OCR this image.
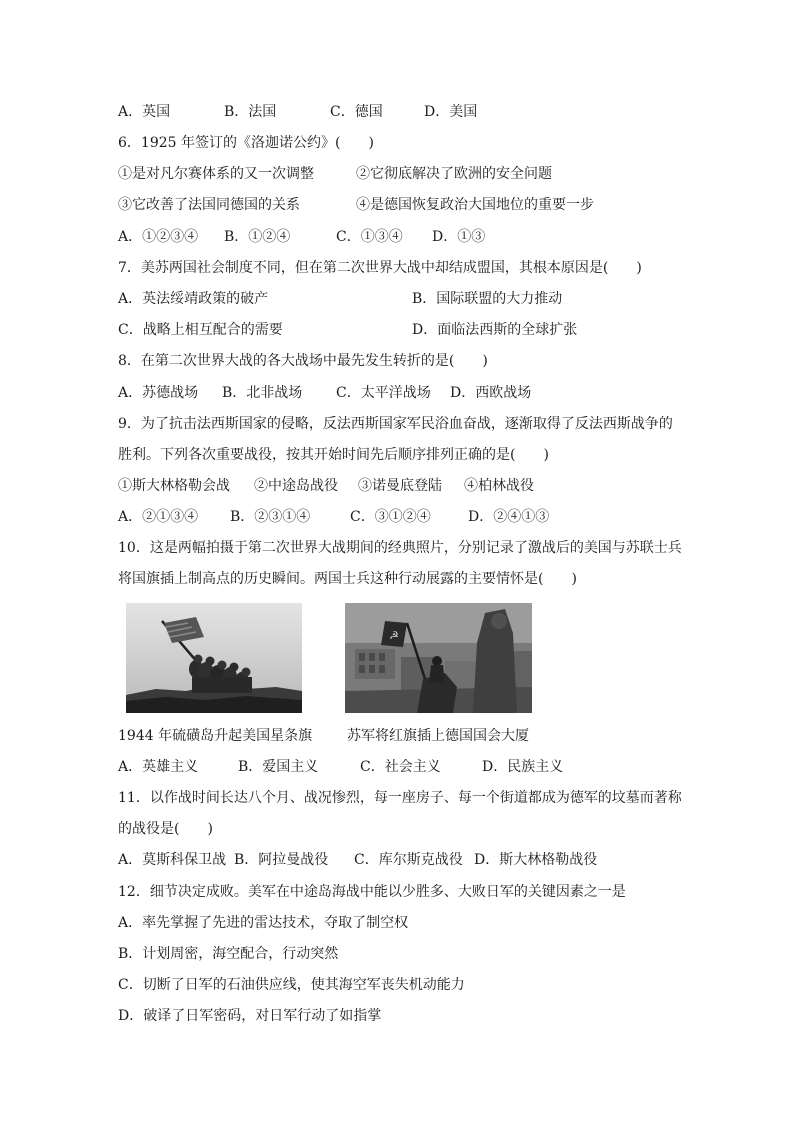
A．英国	B．法国	C．德国	D．美国
6．1925 年签订的《洛迦诺公约》(　　)
①是对凡尔赛体系的又一次调整	②它彻底解决了欧洲的安全问题
③它改善了法国同德国的关系	④是德国恢复政治大国地位的重要一步
A．①②③④ B．①②④	C．①③④ D．①③
7．美苏两国社会制度不同，但在第二次世界大战中却结成盟国，其根本原因是(　　)
A．英法绥靖政策的破产	B．国际联盟的大力推动
C．战略上相互配合的需要	D．面临法西斯的全球扩张
8．在第二次世界大战的各大战场中最先发生转折的是(　　)
A．苏德战场 B．北非战场 C．太平洋战场 D．西欧战场
9．为了抗击法西斯国家的侵略，反法西斯国家军民浴血奋战，逐渐取得了反法西斯战争的
胜利。下列各次重要战役，按其开始时间先后顺序排列正确的是(　　)
①斯大林格勒会战 ②中途岛战役 ③诺曼底登陆 ④柏林战役
A．②①③④ B．②③①④	C．③①②④	D．②④①③
10．这是两幅拍摄于第二次世界大战期间的经典照片，分别记录了激战后的美国与苏联士兵
将国旗插上制高点的历史瞬间。两国士兵这种行动展露的主要情怀是(　　)
☭
1944 年硫磺岛升起美国星条旗 苏军将红旗插上德国国会大厦
A．英雄主义	B．爱国主义	C．社会主义	D．民族主义
11．以作战时间长达八个月、战况惨烈，每一座房子、每一个街道都成为德军的坟墓而著称
的战役是(　　)
A．莫斯科保卫战 B．阿拉曼战役 C．库尔斯克战役 D．斯大林格勒战役
12．细节决定成败。美军在中途岛海战中能以少胜多、大败日军的关键因素之一是
A．率先掌握了先进的雷达技术，夺取了制空权
B．计划周密，海空配合，行动突然
C．切断了日军的石油供应线，使其海空军丧失机动能力
D．破译了日军密码，对日军行动了如指掌
